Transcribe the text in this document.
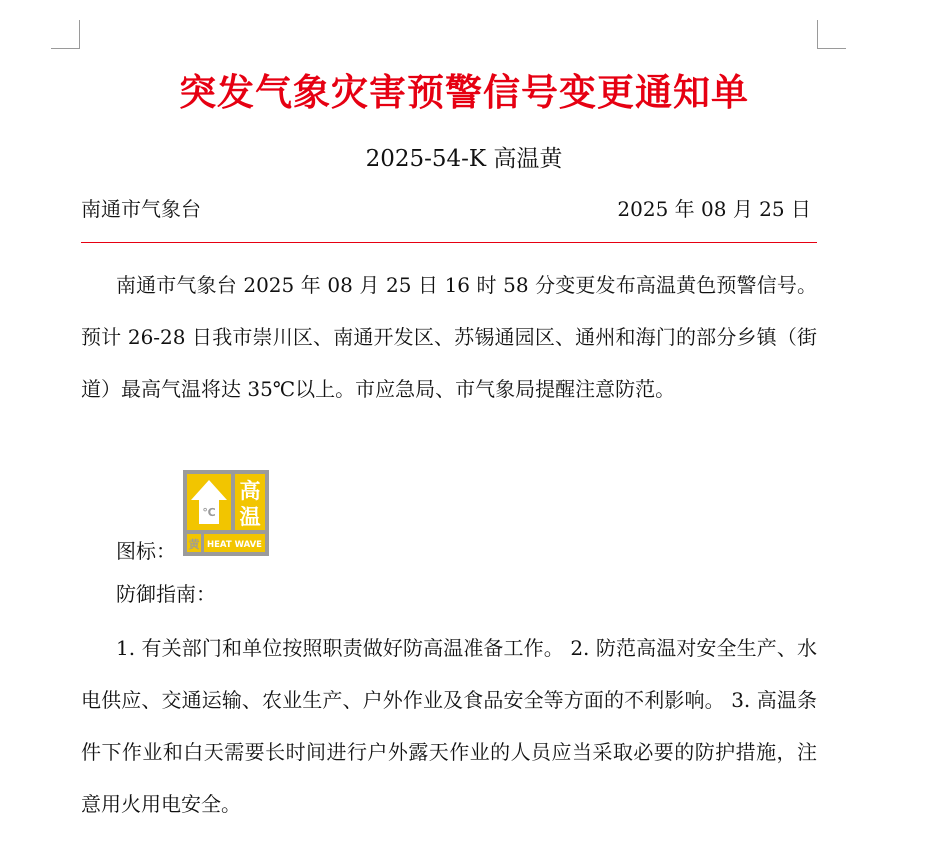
突发气象灾害预警信号变更通知单
2025-54-K 高温黄
南通市气象台	2025 年 08 月 25 日
南通市气象台 2025 年 08 月 25 日 16 时 58 分变更发布高温黄色预警信号。预计 26-28 日我市崇川区、南通开发区、苏锡通园区、通州和海门的部分乡镇（街道）最高气温将达 35℃以上。市应急局、市气象局提醒注意防范。
图标：
℃
高
温
黄 HEAT WAVE
防御指南：
1. 有关部门和单位按照职责做好防高温准备工作。 2. 防范高温对安全生产、水电供应、交通运输、农业生产、户外作业及食品安全等方面的不利影响。 3. 高温条件下作业和白天需要长时间进行户外露天作业的人员应当采取必要的防护措施，注意用火用电安全。
